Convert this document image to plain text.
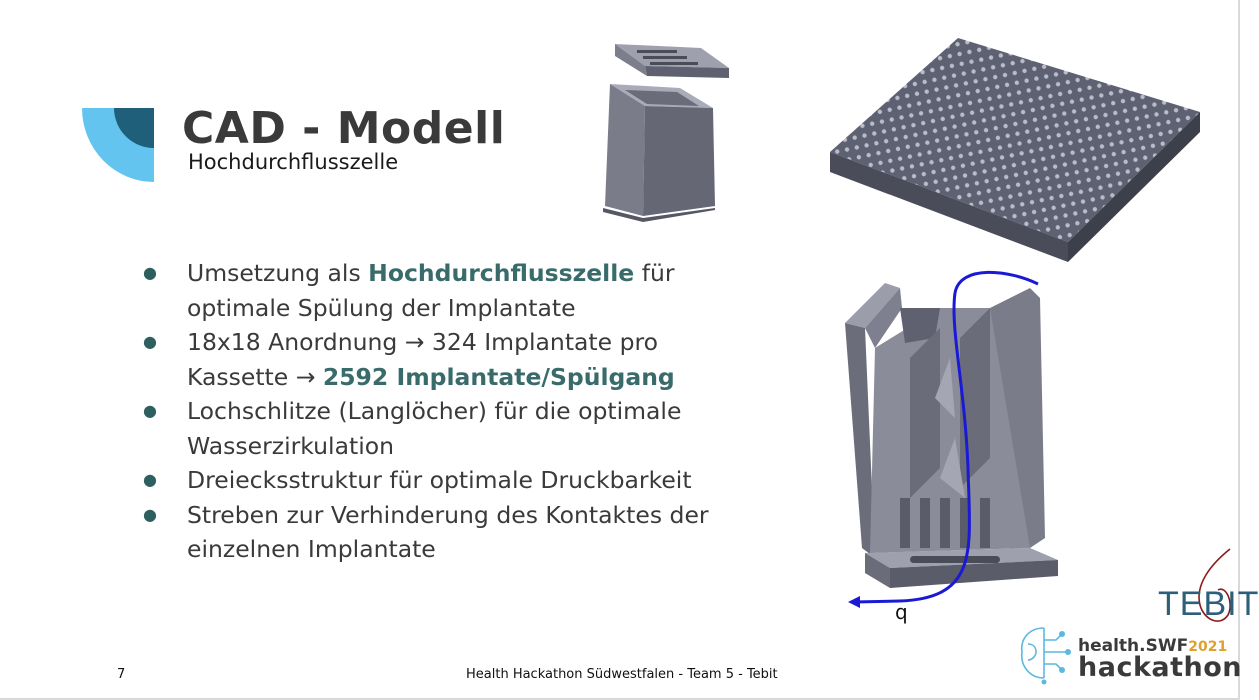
CAD - Modell
Hochdurchflusszelle
● Umsetzung als Hochdurchflusszelle für optimale Spülung der Implantate
● 18x18 Anordnung → 324 Implantate pro Kassette → 2592 Implantate/Spülgang
● Lochschlitze (Langlöcher) für die optimale Wasserzirkulation
● Dreiecksstruktur für optimale Druckbarkeit
● Streben zur Verhinderung des Kontaktes der einzelnen Implantate
q	TEBIT
health.SWF2021
hackathon
7	Health Hackathon Südwestfalen - Team 5 - Tebit
